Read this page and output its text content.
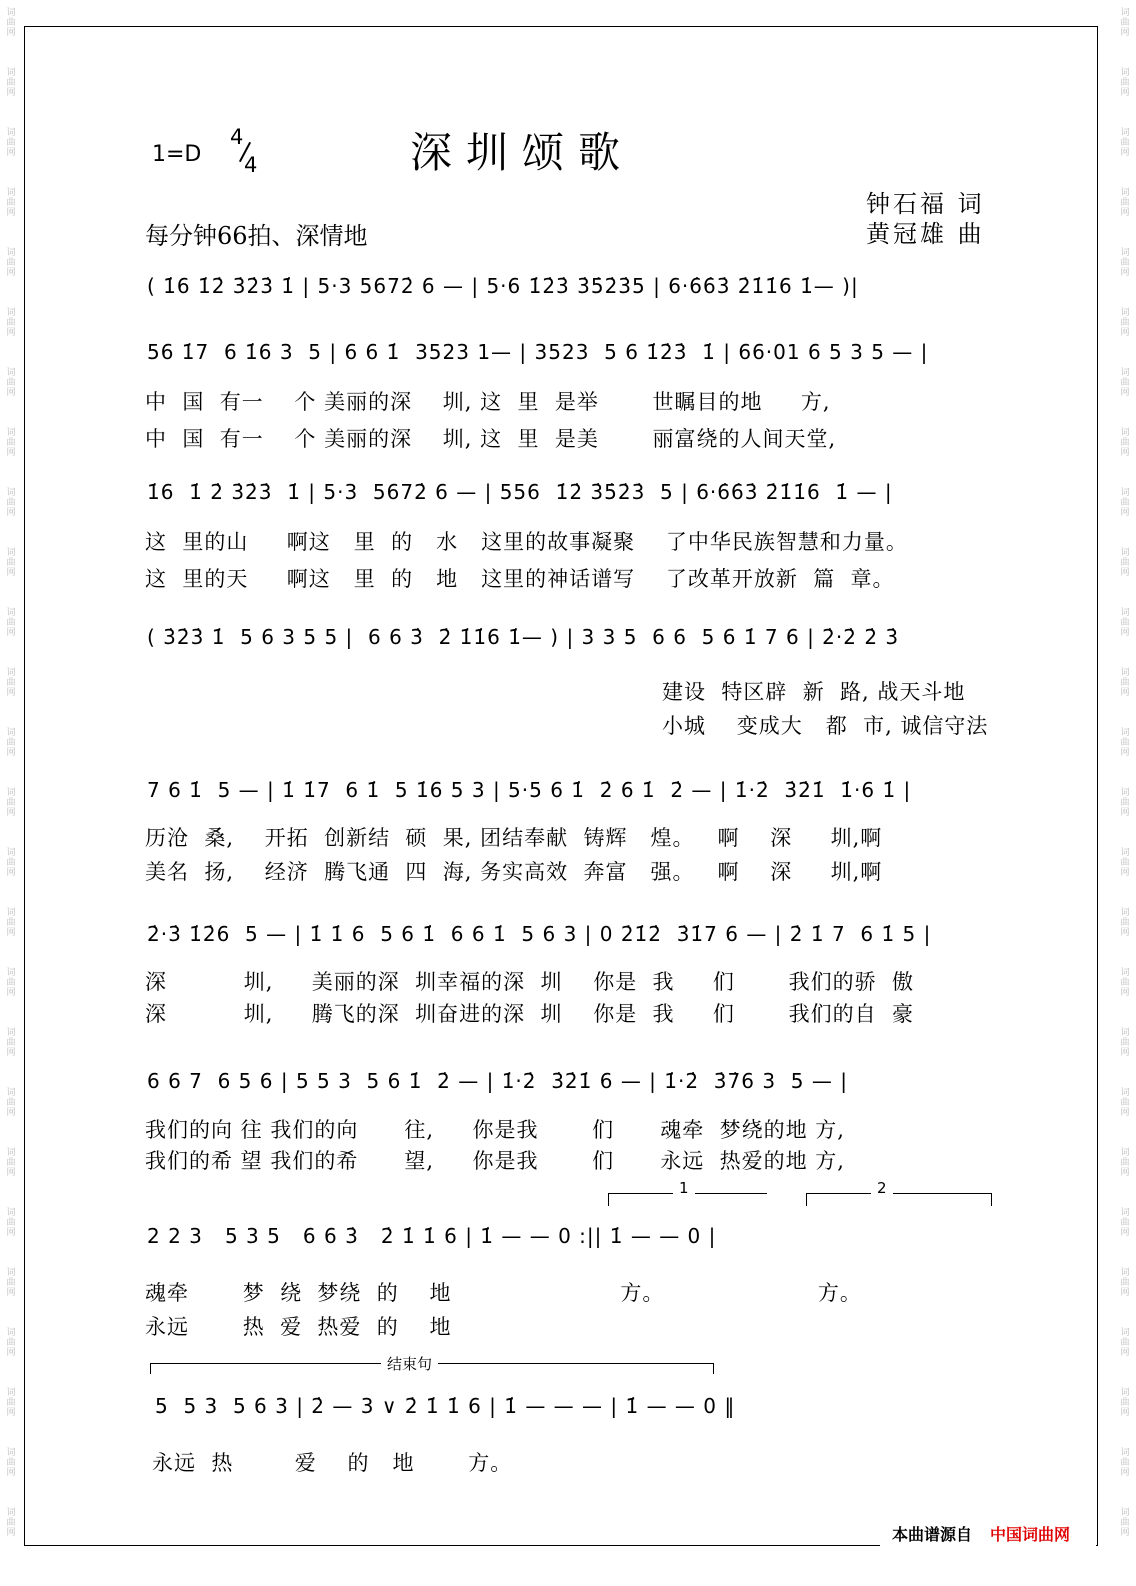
词
曲
网
词
曲
网
词
曲
网
词
曲
网
词
曲
网
词
曲
网
词
曲
网
词
曲
网
词
曲
网
词
曲
网
词
曲
网
词
曲
网
词
曲
网
词
曲
网
词
曲
网
词
曲
网
词
曲
网
词
曲
网
词
曲
网
词
曲
网
词
曲
网
词
曲
网
词
曲
网
词
曲
网
词
曲
网
词
曲
网
词
曲
网
词
曲
网
词
曲
网
词
曲
网
词
曲
网
词
曲
网
词
曲
网
词
曲
网
词
曲
网
词
曲
网
词
曲
网
词
曲
网
词
曲
网
词
曲
网
词
曲
网
词
曲
网
词
曲
网
词
曲
网
词
曲
网
词
曲
网
词
曲
网
词
曲
网
词
曲
网
词
曲
网
词
曲
网
词
曲
网
1=D
4
4	深圳颂歌
钟石福 词
黄冠雄 曲
每分钟66拍、深情地
( 1̇6 1̇2̇ 3̇2̇3̇ 1̇ | 5·3 5672̇ 6 — | 5·6 1̇2̇3̇ 3̇5̇2̇3̇5 | 6·6̇6̇3̇ 2̇1̇1̇6 1̇— )|
56 1̇7  6 1̇6 3  5 | 6 6 1̇  3523 1— | 3523  5 6 1̇2̇3̇  1̇ | 66·01 6 5 3 5 — |
中  国  有一    个 美丽的深    圳, 这  里  是举       世瞩目的地     方,
中  国  有一    个 美丽的深    圳, 这  里  是美       丽富绕的人间天堂,
1̇6  1̇ 2̇ 3̇2̇3̇  1̇ | 5·3  5672̇ 6 — | 556  1̇2̇ 3̇5̇2̇3̇  5 | 6·6̇6̇3̇ 2̇1̇1̇6  1̇ — |
这  里的山     啊这   里  的   水   这里的故事凝聚    了中华民族智慧和力量。
这  里的天     啊这   里  的   地   这里的神话谱写    了改革开放新  篇  章。
( 3̇2̇3̇ 1̇  5 6 3 5 5 |  6 6 3̇  2̇ 1̇1̇6 1̇— ) | 3 3 5  6 6  5 6 1̇ 7 6 | 2̇·2̇ 2̇ 3̇
建设  特区辟  新  路, 战天斗地
小城    变成大   都  市, 诚信守法
7 6 1̇  5 — | 1̇ 1̇7  6 1̇  5 1̇6 5 3 | 5·5 6 1̇  2̇ 6 1̇  2̇ — | 1̇·2̇  3̇2̇1̇  1̇·6 1̇ |
历沧  桑,    开拓  创新结  硕  果, 团结奉献  铸辉   煌。   啊    深     圳,啊
美名  扬,    经济  腾飞通  四  海, 务实高效  奔富   强。   啊    深     圳,啊
2̇·3̇ 1̇2̇6  5 — | 1̇ 1̇ 6  5 6 1̇  6 6 1̇  5 6 3 | 0 2̇1̇2̇  3̇1̇7 6 — | 2̇ 1̇ 7  6 1̇ 5 |
深          圳,     美丽的深  圳幸福的深  圳    你是  我     们       我们的骄  傲
深          圳,     腾飞的深  圳奋进的深  圳    你是  我     们       我们的自  豪
6 6 7  6 5 6 | 5 5 3  5 6 1̇  2̇ — | 1̇·2̇  3̇2̇1̇ 6 — | 1̇·2̇  3̇7̇6 3  5 — |
我们的向 往 我们的向      往,     你是我       们      魂牵  梦绕的地 方,
我们的希 望 我们的希      望,     你是我       们      永远  热爱的地 方,
1	2
2 2 3   5 3 5   6 6 3̇   2̇ 1̇ 1̇ 6 | 1̇ — — 0 :|| 1̇ — — 0 |
魂牵       梦  绕  梦绕  的    地                      方。                    方。
永远       热  爱  热爱  的    地
结束句
5  5 3  5 6 3 | 2̇ — 3 ∨ 2̇ 1̇ 1̇ 6 | 1̇ — — — | 1̇ — — 0 ‖
永远  热        爱    的   地       方。
本曲谱源自 中国词曲网
